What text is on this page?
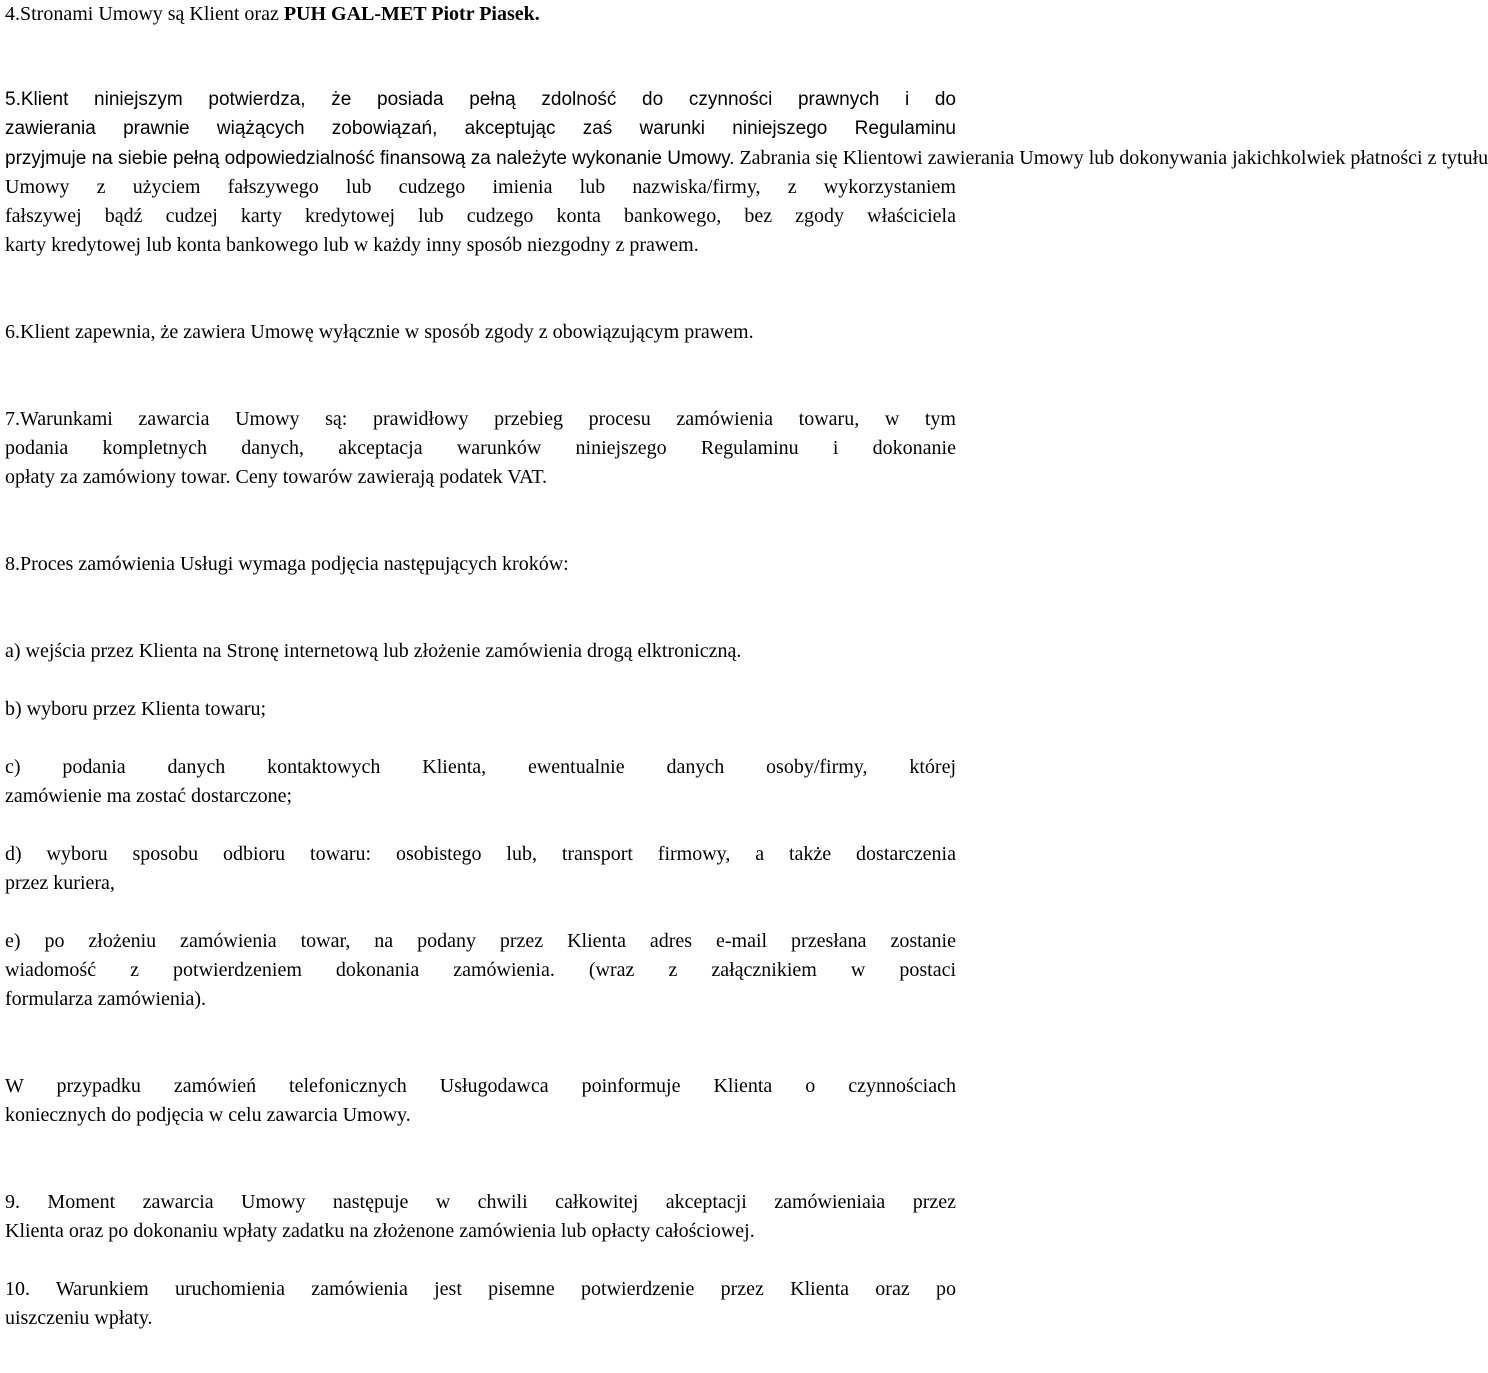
4.Stronami Umowy są Klient oraz PUH GAL-MET Piotr Piasek.
5.Klient niniejszym potwierdza, że posiada pełną zdolność do czynności prawnych i do
zawierania prawnie wiążących zobowiązań, akceptując zaś warunki niniejszego Regulaminu
przyjmuje na siebie pełną odpowiedzialność finansową za należyte wykonanie Umowy. Zabrania się Klientowi zawierania Umowy lub dokonywania jakichkolwiek płatności z tytułu
Umowy z użyciem fałszywego lub cudzego imienia lub nazwiska/firmy, z wykorzystaniem
fałszywej bądź cudzej karty kredytowej lub cudzego konta bankowego, bez zgody właściciela
karty kredytowej lub konta bankowego lub w każdy inny sposób niezgodny z prawem.
6.Klient zapewnia, że zawiera Umowę wyłącznie w sposób zgody z obowiązującym prawem.
7.Warunkami zawarcia Umowy są: prawidłowy przebieg procesu zamówienia towaru, w tym
podania kompletnych danych, akceptacja warunków niniejszego Regulaminu i dokonanie
opłaty za zamówiony towar. Ceny towarów zawierają podatek VAT.
8.Proces zamówienia Usługi wymaga podjęcia następujących kroków:
a) wejścia przez Klienta na Stronę internetową lub złożenie zamówienia drogą elktroniczną.
b) wyboru przez Klienta towaru;
c) podania danych kontaktowych Klienta, ewentualnie danych osoby/firmy, której
zamówienie ma zostać dostarczone;
d) wyboru sposobu odbioru towaru: osobistego lub, transport firmowy, a także dostarczenia
przez kuriera,
e) po złożeniu zamówienia towar, na podany przez Klienta adres e-mail przesłana zostanie
wiadomość z potwierdzeniem dokonania zamówienia. (wraz z załącznikiem w postaci
formularza zamówienia).
W przypadku zamówień telefonicznych Usługodawca poinformuje Klienta o czynnościach
koniecznych do podjęcia w celu zawarcia Umowy.
9. Moment zawarcia Umowy następuje w chwili całkowitej akceptacji zamówieniaia przez
Klienta oraz po dokonaniu wpłaty zadatku na złożenone zamówienia lub opłacty całościowej.
10. Warunkiem uruchomienia zamówienia jest pisemne potwierdzenie przez Klienta oraz po
uiszczeniu wpłaty.
